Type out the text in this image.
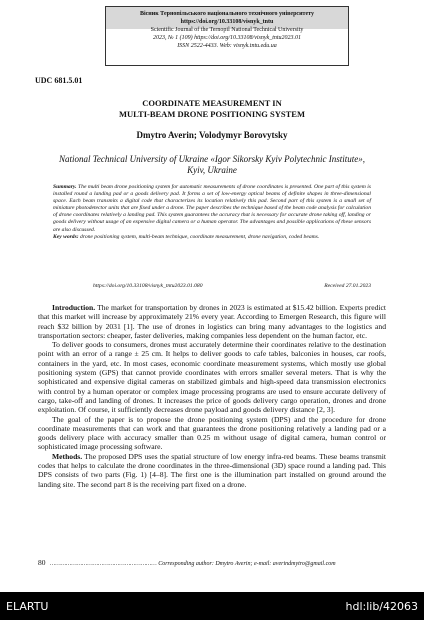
Вісник Тернопільського національного технічного університету
https://doi.org/10.33108/visnyk_tntu
Scientific Journal of the Ternopil National Technical University
2023, № 1 (109) https://doi.org/10.33108/visnyk_tntu2023.01
ISSN 2522-4433. Web: visnyk.tntu.edu.ua
UDC 681.5.01
COORDINATE MEASUREMENT IN
MULTI-BEAM DRONE POSITIONING SYSTEM
Dmytro Averin; Volodymyr Borovytsky
National Technical University of Ukraine «Igor Sikorsky Kyiv Polytechnic Institute», Kyiv, Ukraine
Summary. The multi beam drone positioning system for automatic measurements of drone coordinates is presented. One part of this system is installed round a landing pad or a goods delivery pad. It forms a set of low-energy optical beams of definite shapes in three-dimensional space. Each beam transmits a digital code that characterizes its location relatively this pad. Second part of this system is a small set of miniature photodetector units that are fixed under a drone. The paper describes the technique based of the beam code analysis for calculation of drone coordinates relatively a landing pad. This system guarantees the accuracy that is necessary for accurate drone taking off, landing or goods delivery without usage of an expensive digital camera or a human operator. The advantages and possible applications of these sensors are also discussed.
Key words: drone positioning system, multi-beam technique, coordinate measurement, drone navigation, coded beams.
https://doi.org/10.33108/visnyk_tntu2023.01.080	Received 27.01.2023

Introduction. The market for transportation by drones in 2023 is estimated at $15.42 billion. Experts predict that this market will increase by approximately 21% every year. According to Emergen Research, this figure will reach $32 billion by 2031 [1]. The use of drones in logistics can bring many advantages to the logistics and transportation sectors: cheaper, faster deliveries, making companies less dependent on the human factor, etc.

To deliver goods to consumers, drones must accurately determine their coordinates relative to the destination point with an error of a range ± 25 cm. It helps to deliver goods to cafe tables, balconies in houses, car roofs, containers in the yard, etc. In most cases, economic coordinate measurement systems, which mostly use global positioning system (GPS) that cannot provide coordinates with errors smaller several meters. That is why the sophisticated and expensive digital cameras on stabilized gimbals and high-speed data transmission electronics with control by a human operator or complex image processing programs are used to ensure accurate delivery of cargo, take-off and landing of drones. It increases the price of goods delivery cargo operation, drones and drone exploitation. Of course, it sufficiently decreases drone payload and goods delivery distance [2, 3].

The goal of the paper is to propose the drone positioning system (DPS) and the procedure for drone coordinate measurements that can work and that guarantees the drone positioning relatively a landing pad or a goods delivery place with accuracy smaller than 0.25 m without usage of digital camera, human control or sophisticated image processing software.

Methods. The proposed DPS uses the spatial structure of low energy infra-red beams. These beams transmit codes that helps to calculate the drone coordinates in the three-dimensional (3D) space round a landing pad. This DPS consists of two parts (Fig. 1) [4–8]. The first one is the illumination part installed on ground around the landing site. The second part 8 is the receiving part fixed on a drone.

80 …………………………………………………… Corresponding author: Dmytro Averin; e-mail: averindmytro@gmail.com
ELARTU	hdl:lib/42063
